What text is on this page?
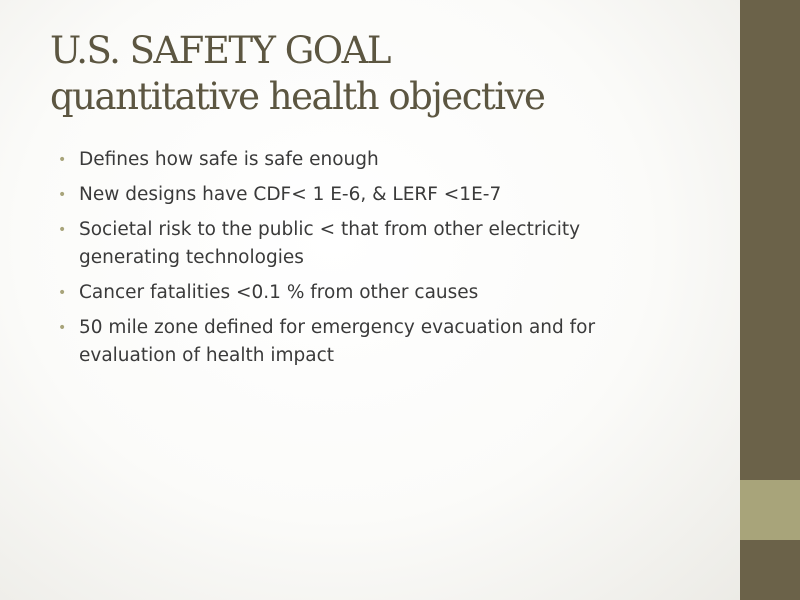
U.S. SAFETY GOAL
quantitative health objective
• Defines how safe is safe enough
• New designs have CDF< 1 E-6, & LERF <1E-7
• Societal risk to the public < that from other electricity generating technologies
• Cancer fatalities <0.1 % from other causes
• 50 mile zone defined for emergency evacuation and for evaluation of health impact
